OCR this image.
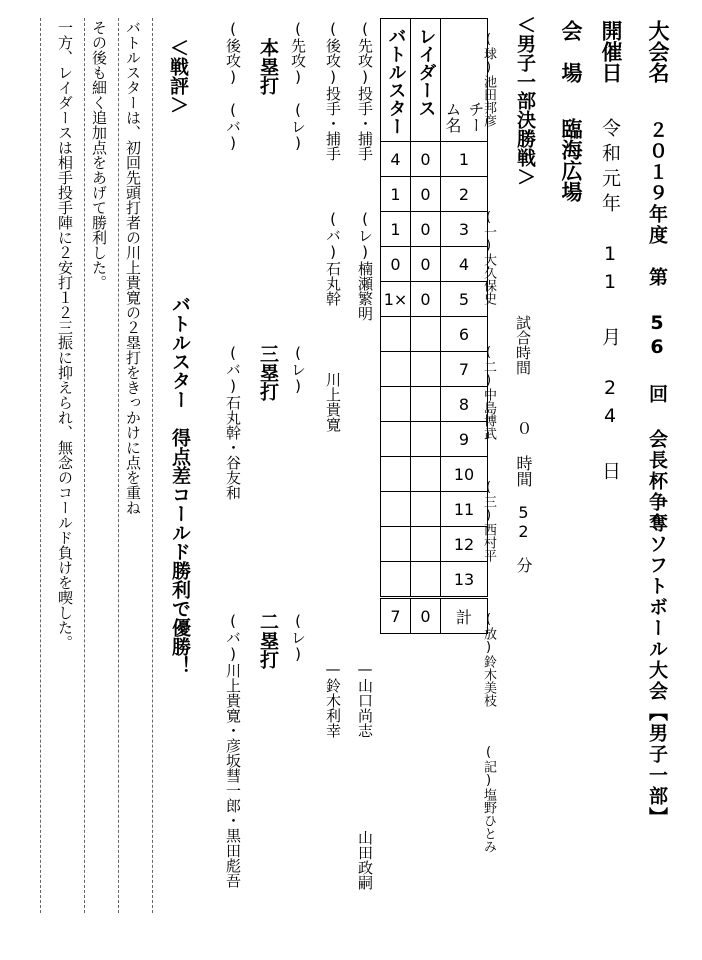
大会名
２０１９年度　第 56 回 会長杯争奪ソフトボール大会【男子一部】
開催日
令和元年　11 月　24 日
会　場
臨海広場
＜男子一部決勝戦＞
試合時間
０ 時間　52　分
(球)池田邦彦
(一)大久保史
(二)中島博武
(三)西村平
(放)鈴木美枝
(記)塩野ひとみ
バトルスター	レイダース	チーム名
4	0	1
1	0	2
1	0	3
0	0	4
1×	0	5
		6
		7
		8
		9
		10
		11
		12
		13
7	0	計
(先攻)投手・捕手
(レ)楠瀬繁明
—山口尚志
山田政嗣
(後攻)投手・捕手
(バ)石丸幹
川上貴寛
—鈴木利幸
(先攻)　(レ)
(レ)
(レ)
本塁打
三塁打
二塁打
(後攻)　(バ)
(バ)石丸幹・谷友和
(バ)川上貴寛・彦坂彗一郎・黒田彪吾
＜戦評＞
バトルスター　得点差コールド勝利で優勝！
バトルスターは、初回先頭打者の川上貴寛の２塁打をきっかけに点を重ね
その後も細く追加点をあげて勝利した。
一方、レイダースは相手投手陣に２安打１２三振に抑えられ、無念のコールド負けを喫した。
